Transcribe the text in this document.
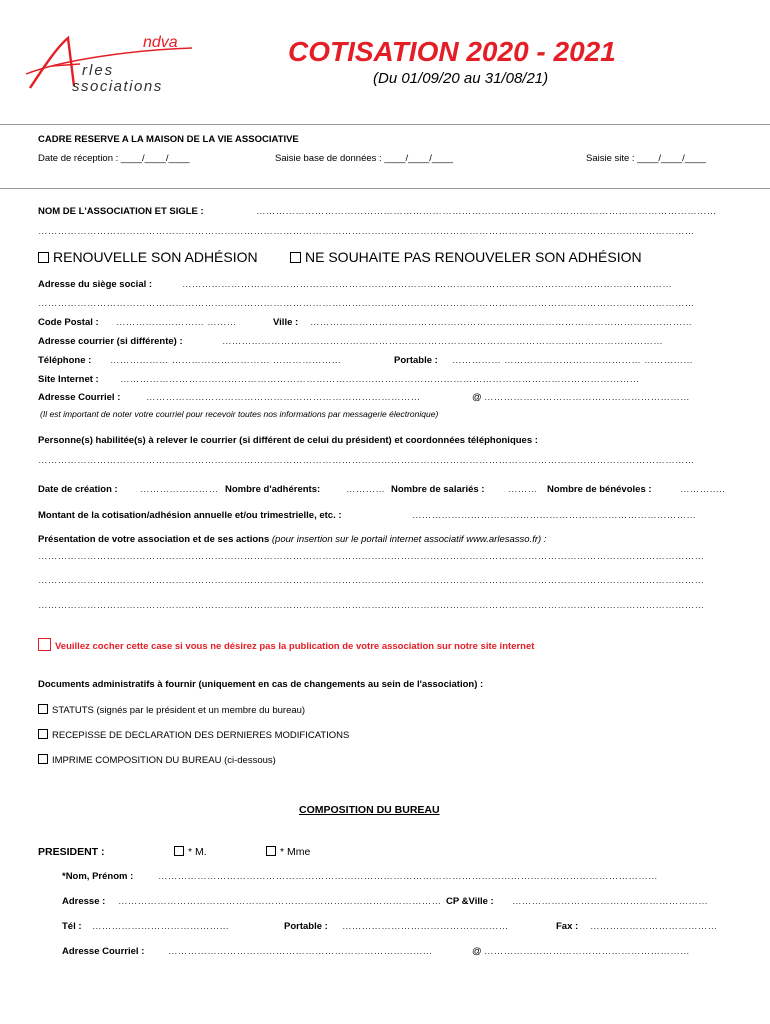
ndva
rles
ssociations
COTISATION 2020 - 2021
(Du 01/09/20 au 31/08/21)
CADRE RESERVE A LA MAISON DE LA VIE ASSOCIATIVE
Date de réception : ____/____/____	Saisie base de données : ____/____/____	Saisie site : ____/____/____
NOM DE L'ASSOCIATION ET SIGLE :	……………………………………………………………………………………………………………………………
…………………………………………………………………………………………………………………………………………………………………………………
RENOUVELLE SON ADHÉSION	NE SOUHAITE PAS RENOUVELER SON ADHÉSION
Adresse du siège social :	……………………………………………………………………………………………………………………………………
…………………………………………………………………………………………………………………………………………………………………………………
Code Postal : ……………………… ………	Ville : ………………………………………………………………………………………………………
Adresse courrier (si différente) :	………………………………………………………………………………………………………………………
Téléphone : ……………… ………………………… …………………	Portable : …………… …………………………………… ……………
Site Internet : ……………………………………………………………………………………………………………………………………………
Adresse Courriel :	…………………………………………………………………………	@ ………………………………………………………
(Il est important de noter votre courriel pour recevoir toutes nos informations par messagerie électronique)
Personne(s) habilitée(s) à relever le courrier (si différent de celui du président) et coordonnées téléphoniques :
…………………………………………………………………………………………………………………………………………………………………………………
Date de création : …………………… Nombre d'adhérents:	………… Nombre de salariés : ………	Nombre de bénévoles :	…………..
Montant de la cotisation/adhésion annuelle et/ou trimestrielle, etc. :	……………………………………………………………………………
Présentation de votre association et de ses actions (pour insertion sur le portail internet associatif www.arlesasso.fr) :
……………………………………………………………………………………………………………………………………………………………………………………
……………………………………………………………………………………………………………………………………………………………………………………
……………………………………………………………………………………………………………………………………………………………………………………
Veuillez cocher cette case si vous ne désirez pas la publication de votre association sur notre site internet
Documents administratifs à fournir (uniquement en cas de changements au sein de l'association) :
STATUTS (signés par le président et un membre du bureau)
RECEPISSE DE DECLARATION DES DERNIERES MODIFICATIONS
IMPRIME COMPOSITION DU BUREAU (ci-dessous)
COMPOSITION DU BUREAU
PRESIDENT :	* M.	* Mme
*Nom, Prénom :	………………………………………………………………………………………………………………………………………
Adresse : ……………………………………………………………………………………… CP &Ville : ……………………………………………………
Tél : ……………………………………	Portable : ……………………………………………	Fax : …………………………………
Adresse Courriel : ………………………………………………………………………	@ ………………………………………………………
